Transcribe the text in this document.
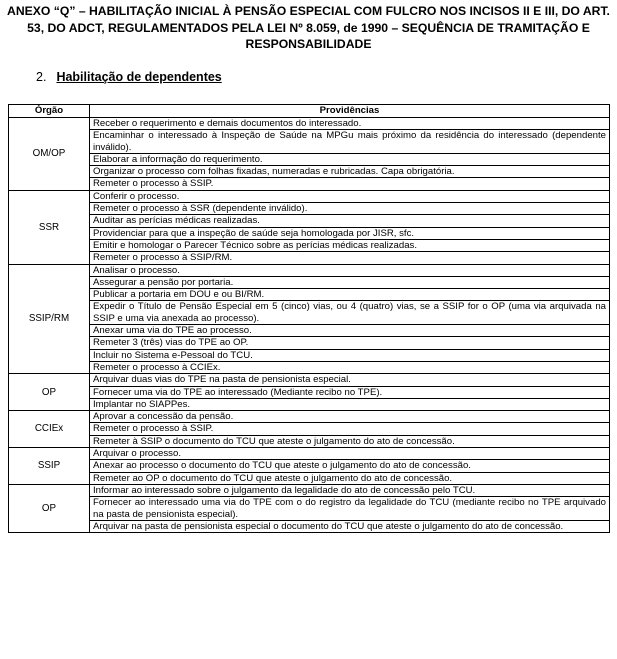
ANEXO “Q” – HABILITAÇÃO INICIAL À PENSÃO ESPECIAL COM FULCRO NOS INCISOS II E III, DO ART. 53, DO ADCT, REGULAMENTADOS PELA LEI Nº 8.059, de 1990 – SEQUÊNCIA DE TRAMITAÇÃO E RESPONSABILIDADE
2. Habilitação de dependentes
Órgão	Providências
OM/OP	Receber o requerimento e demais documentos do interessado.
	Encaminhar o interessado à Inspeção de Saúde na MPGu mais próximo da residência do interessado (dependente inválido).
	Elaborar a informação do requerimento.
	Organizar o processo com folhas fixadas, numeradas e rubricadas. Capa obrigatória.
	Remeter o processo à SSIP.
SSR	Conferir o processo.
	Remeter o processo à SSR (dependente inválido).
	Auditar as perícias médicas realizadas.
	Providenciar para que a inspeção de saúde seja homologada por JISR, sfc.
	Emitir e homologar o Parecer Técnico sobre as perícias médicas realizadas.
	Remeter o processo à SSIP/RM.
SSIP/RM	Analisar o processo.
	Assegurar a pensão por portaria.
	Publicar a portaria em DOU e ou BI/RM.
	Expedir o Título de Pensão Especial em 5 (cinco) vias, ou 4 (quatro) vias, se a SSIP for o OP (uma via arquivada na SSIP e uma via anexada ao processo).
	Anexar uma via do TPE ao processo.
	Remeter 3 (três) vias do TPE ao OP.
	Incluir no Sistema e-Pessoal do TCU.
	Remeter o processo à CCIEx.
OP	Arquivar duas vias do TPE na pasta de pensionista especial.
	Fornecer uma via do TPE ao interessado (Mediante recibo no TPE).
	Implantar no SIAPPes.
CCIEx	Aprovar a concessão da pensão.
	Remeter o processo à SSIP.
	Remeter à SSIP o documento do TCU que ateste o julgamento do ato de concessão.
SSIP	Arquivar o processo.
	Anexar ao processo o documento do TCU que ateste o julgamento do ato de concessão.
	Remeter ao OP o documento do TCU que ateste o julgamento do ato de concessão.
OP	Informar ao interessado sobre o julgamento da legalidade do ato de concessão pelo TCU.
	Fornecer ao interessado uma via do TPE com o do registro da legalidade do TCU (mediante recibo no TPE arquivado na pasta de pensionista especial).
	Arquivar na pasta de pensionista especial o documento do TCU que ateste o julgamento do ato de concessão.
